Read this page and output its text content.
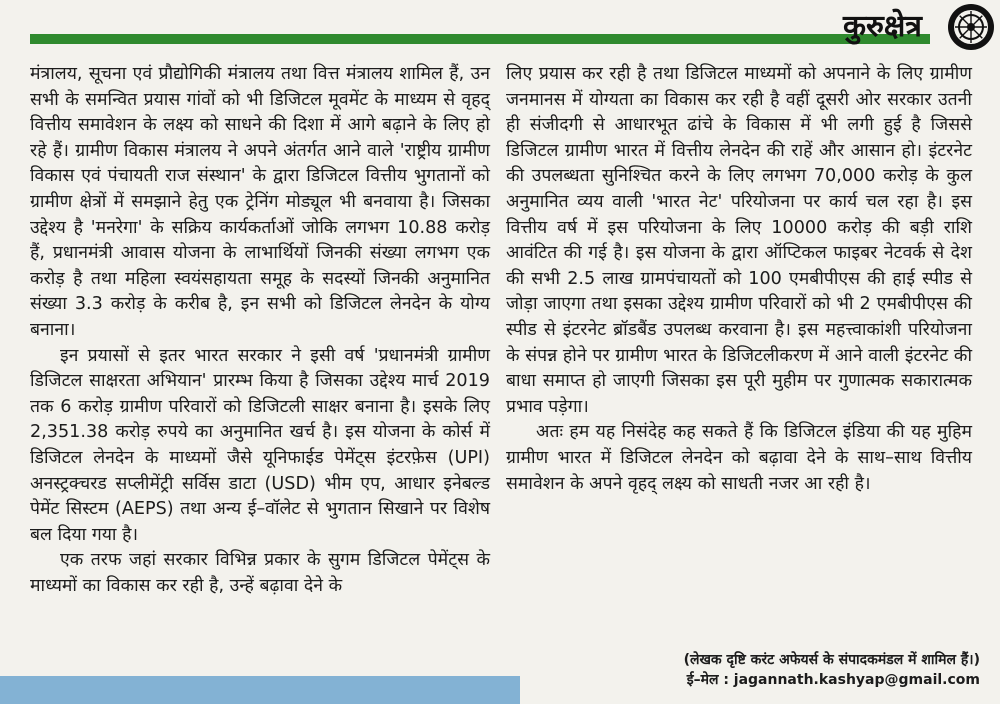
कुरुक्षेत्र

मंत्रालय, सूचना एवं प्रौद्योगिकी मंत्रालय तथा वित्त मंत्रालय शामिल हैं, उन सभी के समन्वित प्रयास गांवों को भी डिजिटल मूवमेंट के माध्यम से वृहद् वित्तीय समावेशन के लक्ष्य को साधने की दिशा में आगे बढ़ाने के लिए हो रहे हैं। ग्रामीण विकास मंत्रालय ने अपने अंतर्गत आने वाले 'राष्ट्रीय ग्रामीण विकास एवं पंचायती राज संस्थान' के द्वारा डिजिटल वित्तीय भुगतानों को ग्रामीण क्षेत्रों में समझाने हेतु एक ट्रेनिंग मोड्यूल भी बनवाया है। जिसका उद्देश्य है 'मनरेगा' के सक्रिय कार्यकर्ताओं जोकि लगभग 10.88 करोड़ हैं, प्रधानमंत्री आवास योजना के लाभार्थियों जिनकी संख्या लगभग एक करोड़ है तथा महिला स्वयंसहायता समूह के सदस्यों जिनकी अनुमानित संख्या 3.3 करोड़ के करीब है, इन सभी को डिजिटल लेनदेन के योग्य बनाना।

इन प्रयासों से इतर भारत सरकार ने इसी वर्ष 'प्रधानमंत्री ग्रामीण डिजिटल साक्षरता अभियान' प्रारम्भ किया है जिसका उद्देश्य मार्च 2019 तक 6 करोड़ ग्रामीण परिवारों को डिजिटली साक्षर बनाना है। इसके लिए 2,351.38 करोड़ रुपये का अनुमानित खर्च है। इस योजना के कोर्स में डिजिटल लेनदेन के माध्यमों जैसे यूनिफाईड पेमेंट्स इंटरफ़ेस (UPI) अनस्ट्रक्चरड सप्लीमेंट्री सर्विस डाटा (USD) भीम एप, आधार इनेबल्ड पेमेंट सिस्टम (AEPS) तथा अन्य ई–वॉलेट से भुगतान सिखाने पर विशेष बल दिया गया है।

एक तरफ जहां सरकार विभिन्न प्रकार के सुगम डिजिटल पेमेंट्स के माध्यमों का विकास कर रही है, उन्हें बढ़ावा देने के

लिए प्रयास कर रही है तथा डिजिटल माध्यमों को अपनाने के लिए ग्रामीण जनमानस में योग्यता का विकास कर रही है वहीं दूसरी ओर सरकार उतनी ही संजीदगी से आधारभूत ढांचे के विकास में भी लगी हुई है जिससे डिजिटल ग्रामीण भारत में वित्तीय लेनदेन की राहें और आसान हो। इंटरनेट की उपलब्धता सुनिश्चित करने के लिए लगभग 70,000 करोड़ के कुल अनुमानित व्यय वाली 'भारत नेट' परियोजना पर कार्य चल रहा है। इस वित्तीय वर्ष में इस परियोजना के लिए 10000 करोड़ की बड़ी राशि आवंटित की गई है। इस योजना के द्वारा ऑप्टिकल फाइबर नेटवर्क से देश की सभी 2.5 लाख ग्रामपंचायतों को 100 एमबीपीएस की हाई स्पीड से जोड़ा जाएगा तथा इसका उद्देश्य ग्रामीण परिवारों को भी 2 एमबीपीएस की स्पीड से इंटरनेट ब्रॉडबैंड उपलब्ध करवाना है। इस महत्त्वाकांशी परियोजना के संपन्न होने पर ग्रामीण भारत के डिजिटलीकरण में आने वाली इंटरनेट की बाधा समाप्त हो जाएगी जिसका इस पूरी मुहीम पर गुणात्मक सकारात्मक प्रभाव पड़ेगा।

अतः हम यह निसंदेह कह सकते हैं कि डिजिटल इंडिया की यह मुहिम ग्रामीण भारत में डिजिटल लेनदेन को बढ़ावा देने के साथ–साथ वित्तीय समावेशन के अपने वृहद् लक्ष्य को साधती नजर आ रही है।

(लेखक दृष्टि करंट अफेयर्स के संपादकमंडल में शामिल हैं।)
ई–मेल : jagannath.kashyap@gmail.com
